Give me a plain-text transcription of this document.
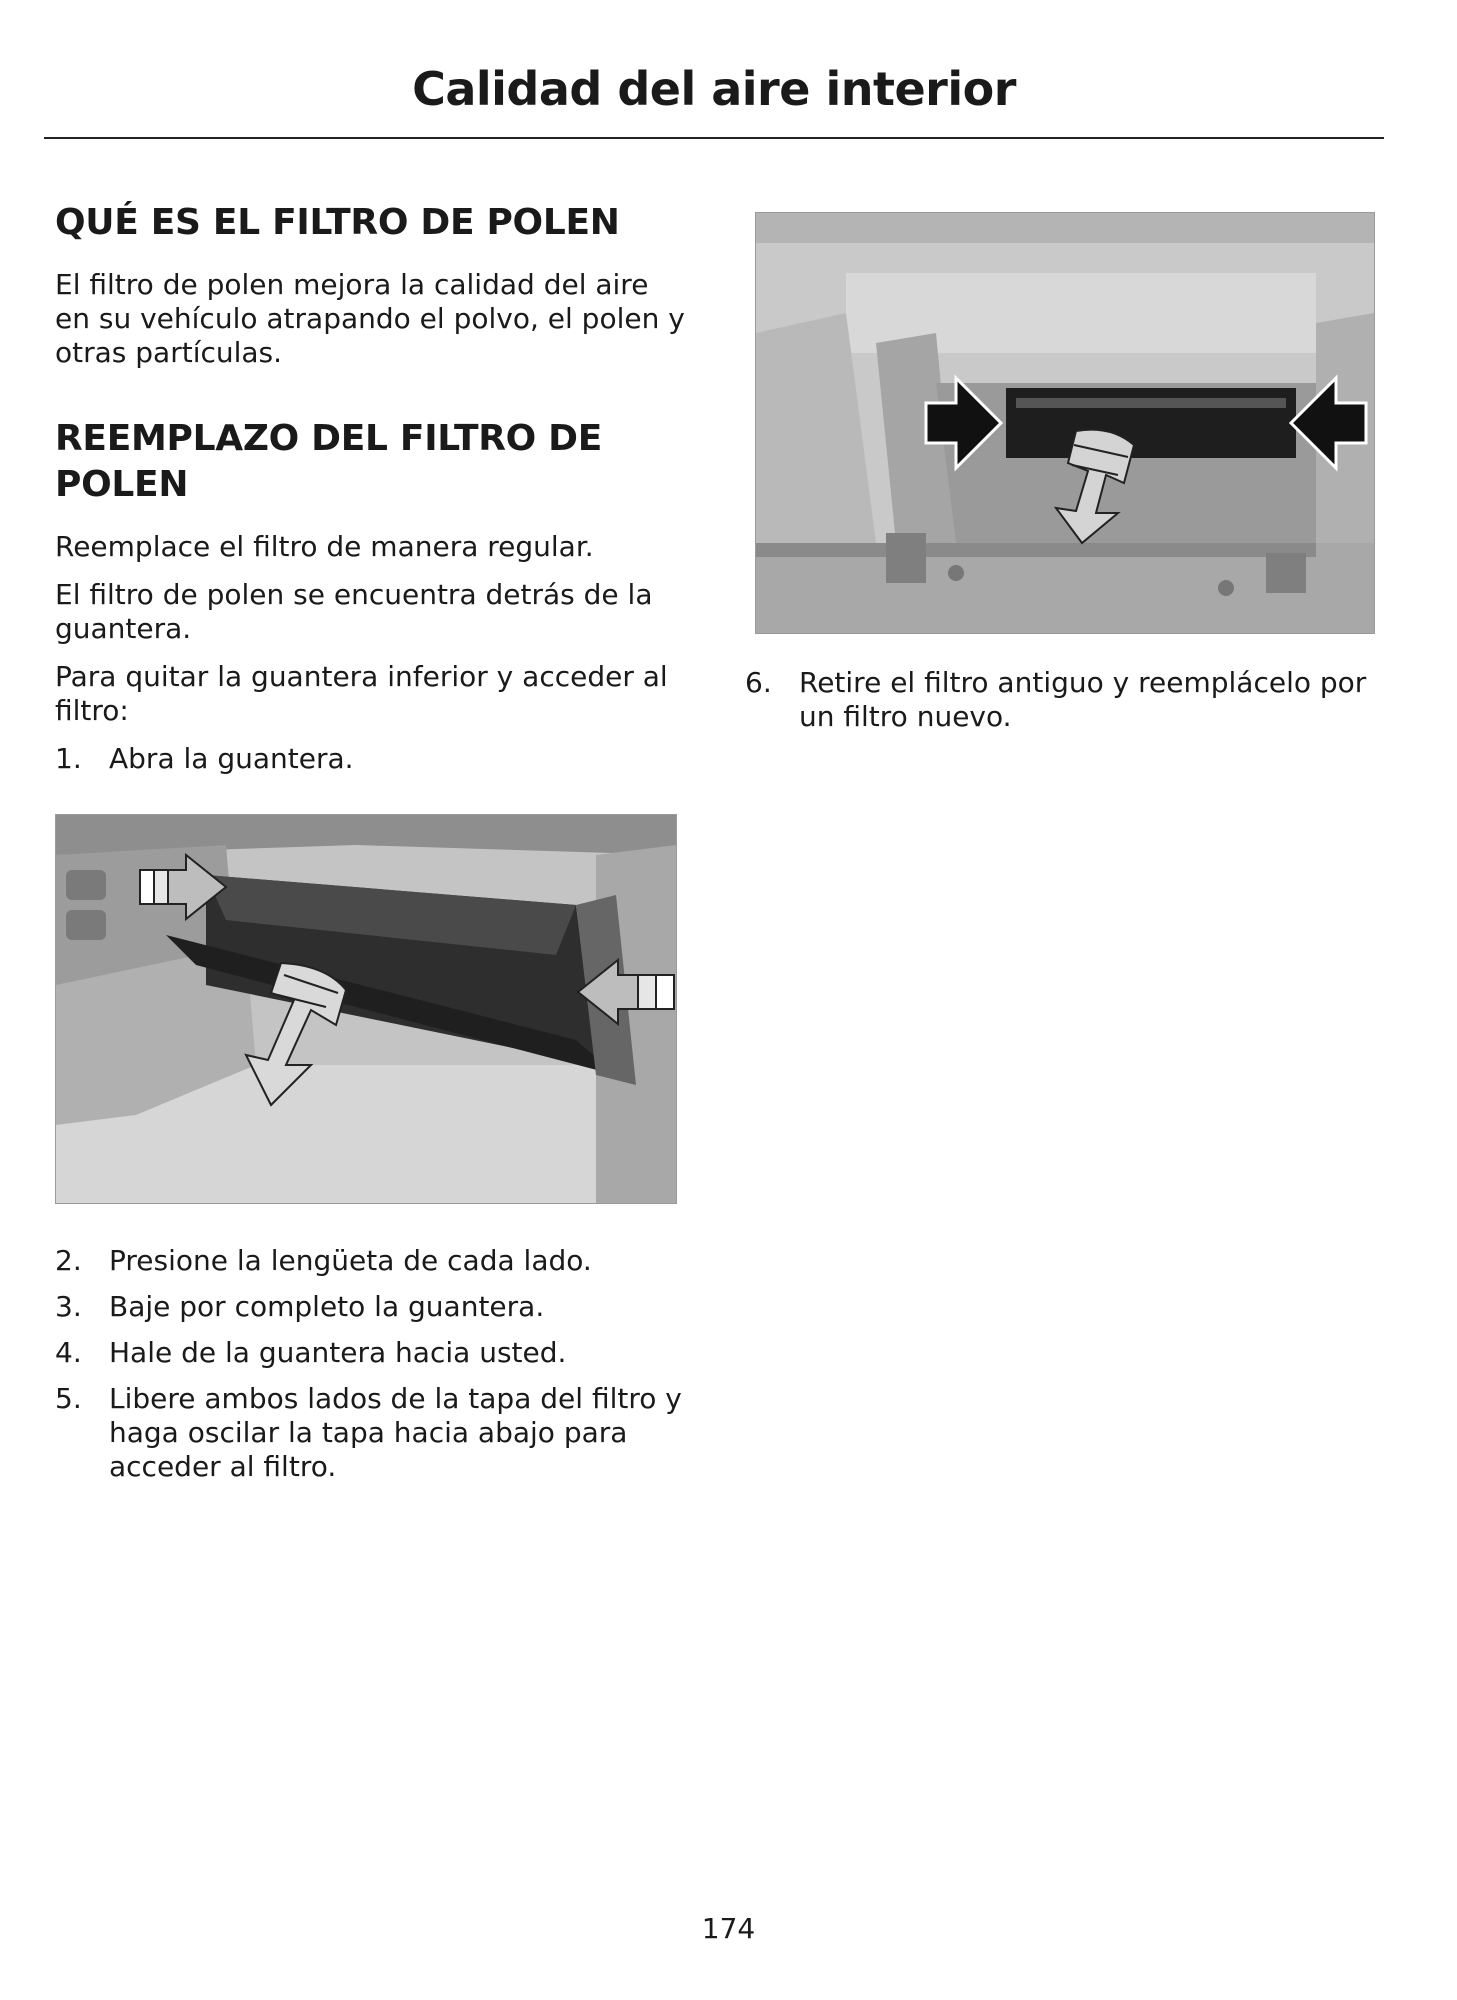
Calidad del aire interior
QUÉ ES EL FILTRO DE POLEN

El filtro de polen mejora la calidad del aire en su vehículo atrapando el polvo, el polen y otras partículas.

REEMPLAZO DEL FILTRO DE POLEN

Reemplace el filtro de manera regular.

El filtro de polen se encuentra detrás de la guantera.

Para quitar la guantera inferior y acceder al filtro:

1. Abra la guantera.
2. Presione la lengüeta de cada lado.
3. Baje por completo la guantera.
4. Hale de la guantera hacia usted.
5. Libere ambos lados de la tapa del filtro y haga oscilar la tapa hacia abajo para acceder al filtro.
6. Retire el filtro antiguo y reemplácelo por un filtro nuevo.
174
